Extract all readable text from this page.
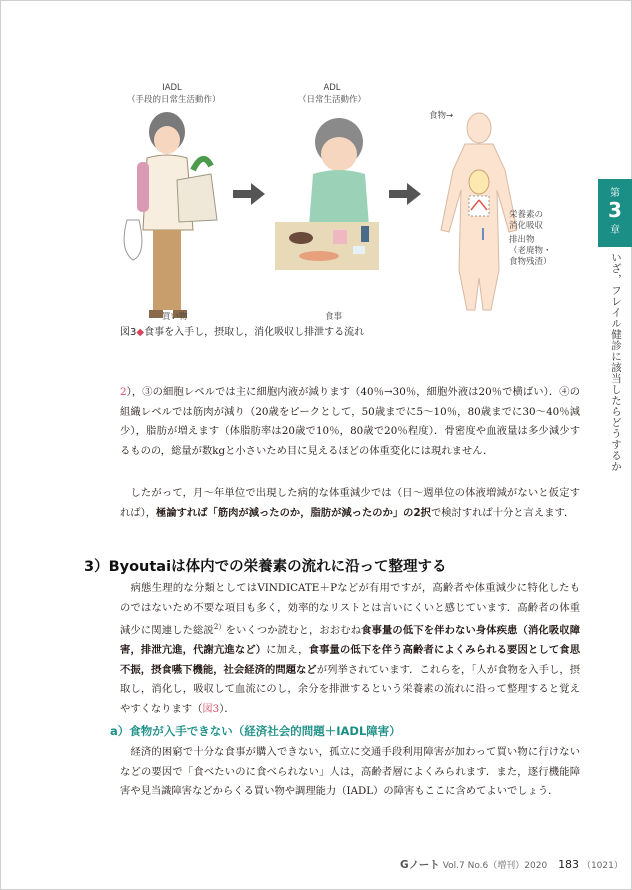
IADL
（手段的日常生活動作）
ADL
（日常生活動作）
食物→
栄養素の
消化吸収
排出物
（老廃物・
食物残渣）
買い物	食事
図3◆食事を入手し，摂取し，消化吸収し排泄する流れ
第
3
章
いざ，フレイル健診に該当したらどうするか
2），③の細胞レベルでは主に細胞内液が減ります（40％→30％，細胞外液は20％で横ばい）．④の組織レベルでは筋肉が減り（20歳をピークとして，50歳までに5～10％，80歳までに30～40％減少），脂肪が増えます（体脂肪率は20歳で10％，80歳で20％程度）．骨密度や血液量は多少減少するものの，総量が数kgと小さいため目に見えるほどの体重変化には現れません．
　したがって，月～年単位で出現した病的な体重減少では（日～週単位の体液増減がないと仮定すれば），極論すれば「筋肉が減ったのか，脂肪が減ったのか」の2択で検討すれば十分と言えます．
3）Byoutaiは体内での栄養素の流れに沿って整理する
　病態生理的な分類としてはVINDICATE＋Pなどが有用ですが，高齢者や体重減少に特化したものではないため不要な項目も多く，効率的なリストとは言いにくいと感じています．高齢者の体重減少に関連した総説$^{2)}$をいくつか読むと，おおむね食事量の低下を伴わない身体疾患（消化吸収障害，排泄亢進，代謝亢進など）に加え，食事量の低下を伴う高齢者によくみられる要因として食思不振，摂食嚥下機能，社会経済的問題などが列挙されています．これらを，「人が食物を入手し，摂取し，消化し，吸収して血流にのし，余分を排泄するという栄養素の流れに沿って整理すると覚えやすくなります（図3）．
a）食物が入手できない（経済社会的問題＋IADL障害）
　経済的困窮で十分な食事が購入できない，孤立に交通手段利用障害が加わって買い物に行けないなどの要因で「食べたいのに食べられない」人は，高齢者層によくみられます．また，逐行機能障害や見当識障害などからくる買い物や調理能力（IADL）の障害もここに含めてよいでしょう．
Gノート Vol.7 No.6（増刊）2020 183 （1021）
